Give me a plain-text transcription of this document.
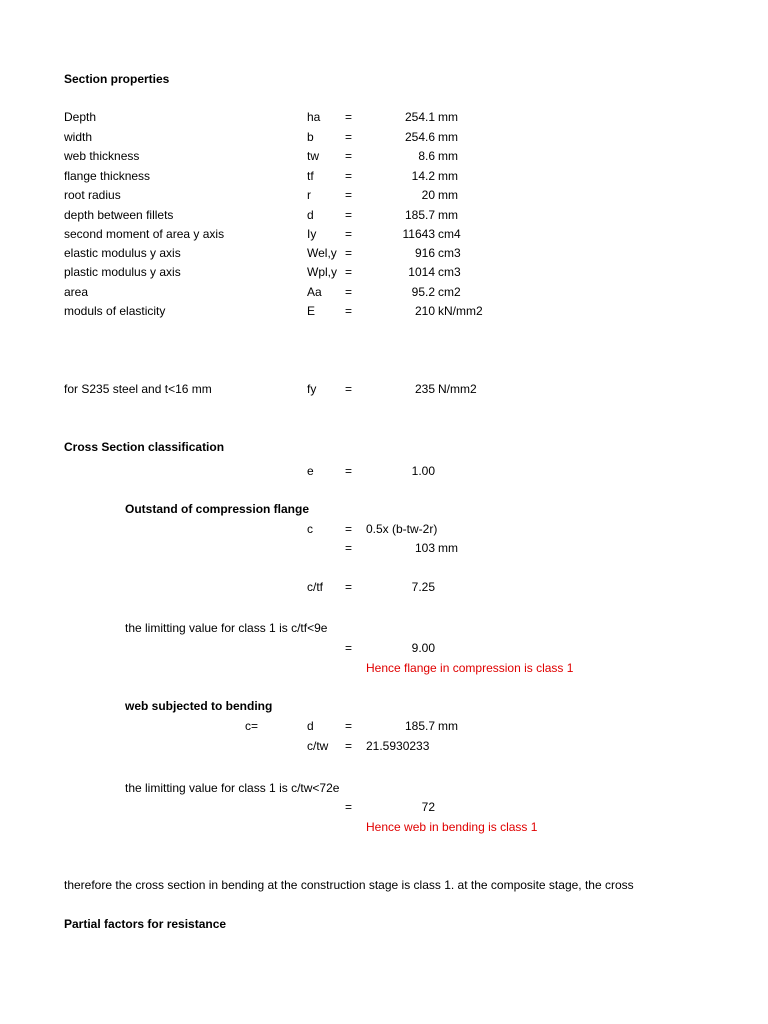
Section properties
Depth	ha =	254.1 mm
width	b	=	254.6 mm
web thickness	tw =	8.6 mm
flange thickness	tf	=	14.2 mm
root radius	r	=	20 mm
depth between fillets	d	=	185.7 mm
second moment of area y axis	Iy =	11643 cm4
elastic modulus y axis	Wel,y =	916 cm3
plastic modulus y axis	Wpl,y =	1014 cm3
area	Aa =	95.2 cm2
moduls of elasticity	E =	210 kN/mm2
for S235 steel and t<16 mm	fy =	235 N/mm2
Cross Section classification
e	=	1.00
Outstand of compression flange
c	= 0.5x (b-tw-2r)
=	103 mm
c/tf =	7.25
the limitting value for class 1 is c/tf<9e
=	9.00
Hence flange in compression is class 1
web subjected to bending
c=	d	=	185.7 mm
c/tw = 21.5930233
the limitting value for class 1 is c/tw<72e
=	72
Hence web in bending is class 1
therefore the cross section in bending at the construction stage is class 1. at the composite stage, the cross
Partial factors for resistance
